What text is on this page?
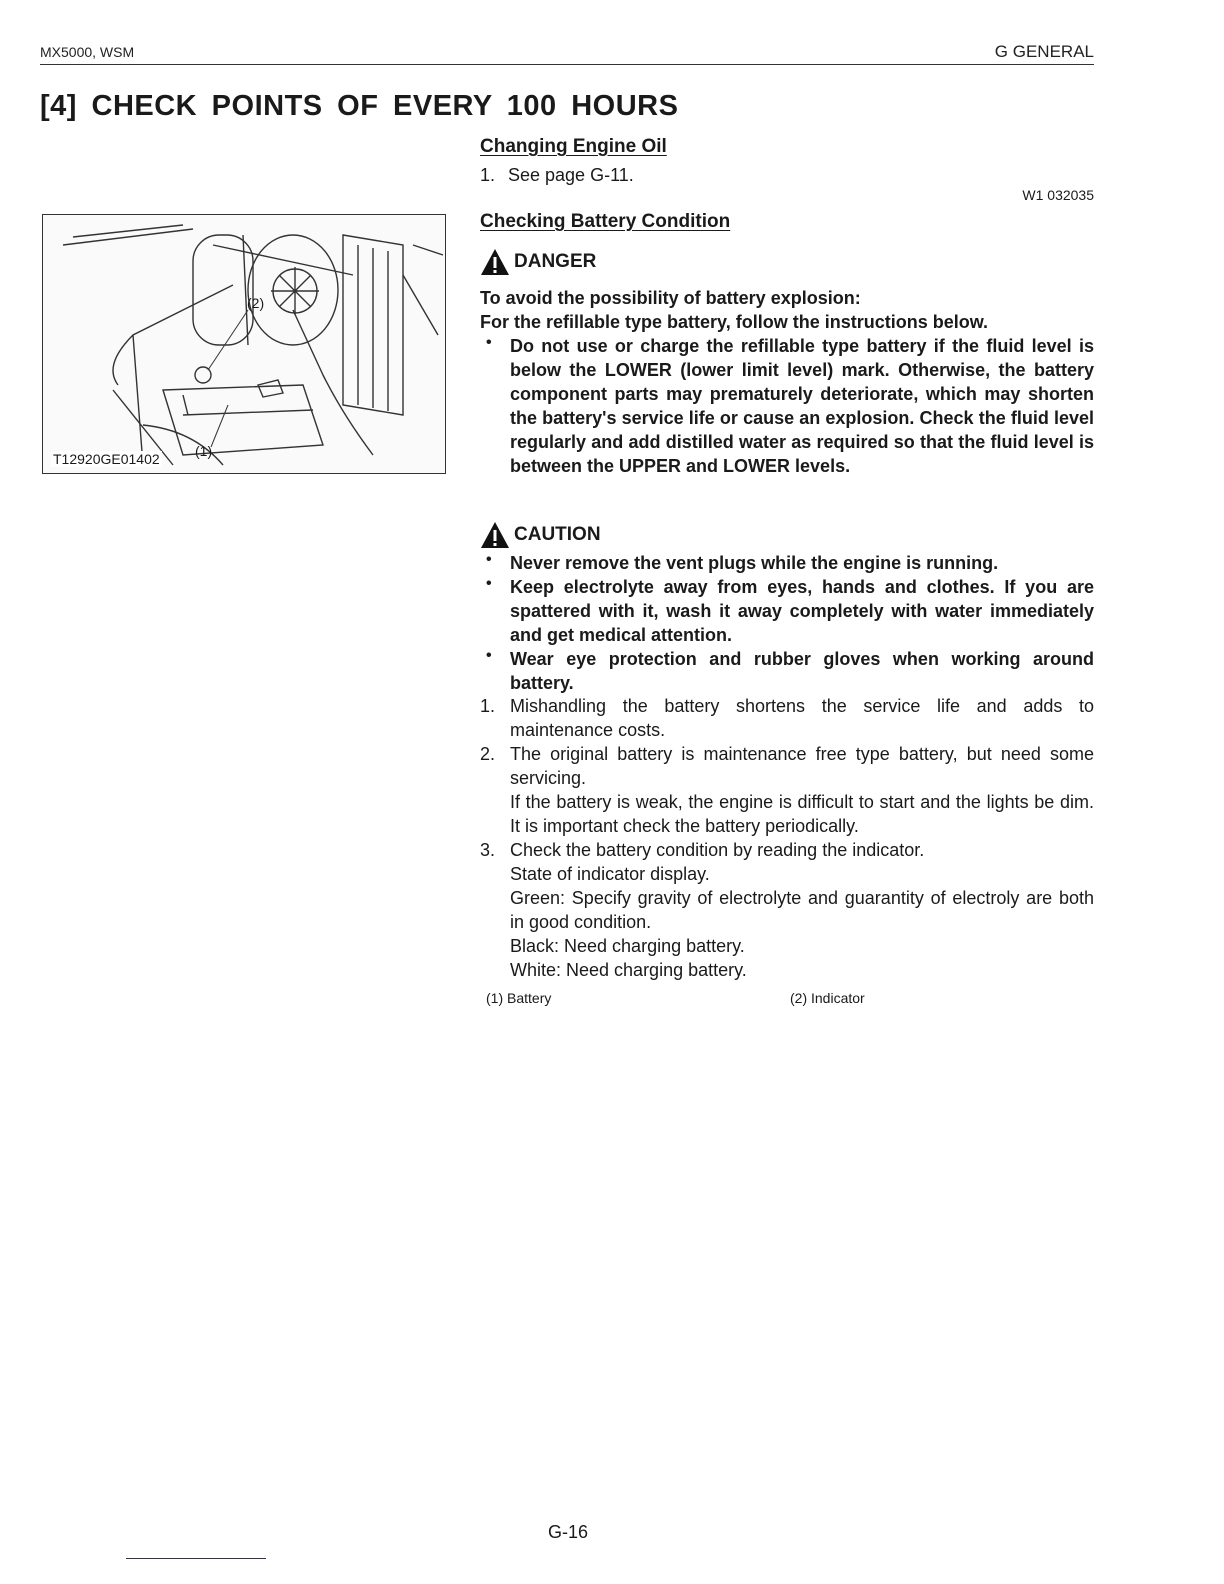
MX5000, WSM	G GENERAL
[4] CHECK POINTS OF EVERY 100 HOURS
(2)
(1)
T12920GE01402
Changing Engine Oil
1. See page G-11.
W1 032035
Checking Battery Condition
DANGER
To avoid the possibility of battery explosion:
For the refillable type battery, follow the instructions below.
•	Do not use or charge the refillable type battery if the fluid level is below the LOWER (lower limit level) mark. Otherwise, the battery component parts may prematurely deteriorate, which may shorten the battery's service life or cause an explosion. Check the fluid level regularly and add distilled water as required so that the fluid level is between the UPPER and LOWER levels.
CAUTION
•	Never remove the vent plugs while the engine is running.
•	Keep electrolyte away from eyes, hands and clothes. If you are spattered with it, wash it away completely with water immediately and get medical attention.
•	Wear eye protection and rubber gloves when working around battery.
1. Mishandling the battery shortens the service life and adds to maintenance costs.
2. The original battery is maintenance free type battery, but need some servicing.
If the battery is weak, the engine is difficult to start and the lights be dim. It is important check the battery periodically.
3. Check the battery condition by reading the indicator.
State of indicator display.
Green: Specify gravity of electrolyte and guarantity of electroly are both in good condition.
Black: Need charging battery.
White: Need charging battery.
(1) Battery	(2) Indicator
G-16
